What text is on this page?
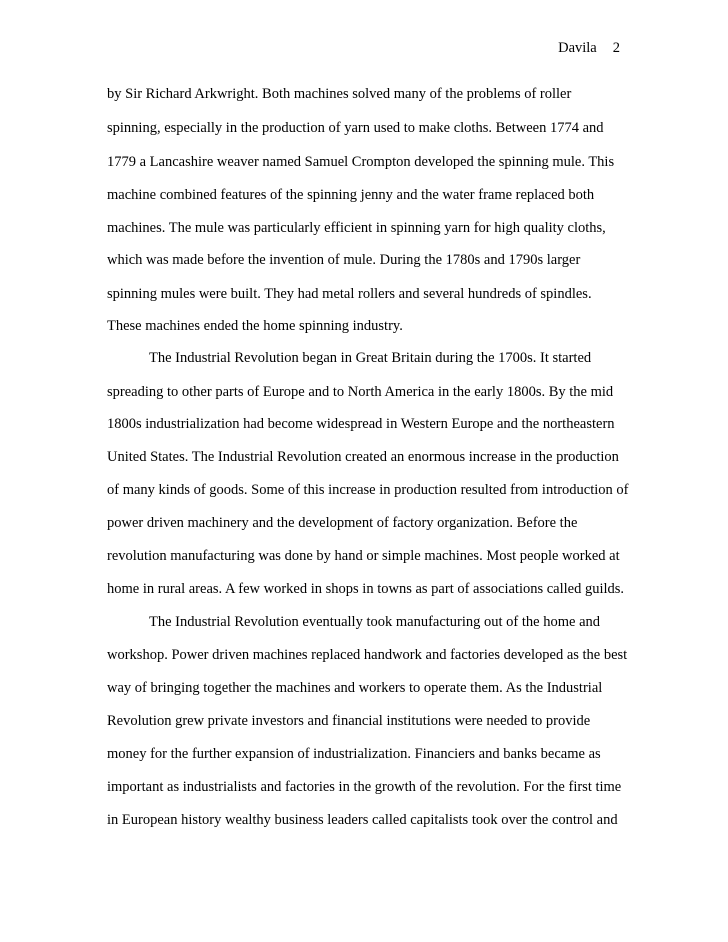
Davila 2
by Sir Richard Arkwright. Both machines solved many of the problems of roller
spinning, especially in the production of yarn used to make cloths. Between 1774 and
1779 a Lancashire weaver named Samuel Crompton developed the spinning mule. This
machine combined features of the spinning jenny and the water frame replaced both
machines. The mule was particularly efficient in spinning yarn for high quality cloths,
which was made before the invention of mule. During the 1780s and 1790s larger
spinning mules were built. They had metal rollers and several hundreds of spindles.
These machines ended the home spinning industry.
The Industrial Revolution began in Great Britain during the 1700s. It started
spreading to other parts of Europe and to North America in the early 1800s. By the mid
1800s industrialization had become widespread in Western Europe and the northeastern
United States. The Industrial Revolution created an enormous increase in the production
of many kinds of goods. Some of this increase in production resulted from introduction of
power driven machinery and the development of factory organization. Before the
revolution manufacturing was done by hand or simple machines. Most people worked at
home in rural areas. A few worked in shops in towns as part of associations called guilds.
The Industrial Revolution eventually took manufacturing out of the home and
workshop. Power driven machines replaced handwork and factories developed as the best
way of bringing together the machines and workers to operate them. As the Industrial
Revolution grew private investors and financial institutions were needed to provide
money for the further expansion of industrialization. Financiers and banks became as
important as industrialists and factories in the growth of the revolution. For the first time
in European history wealthy business leaders called capitalists took over the control and
